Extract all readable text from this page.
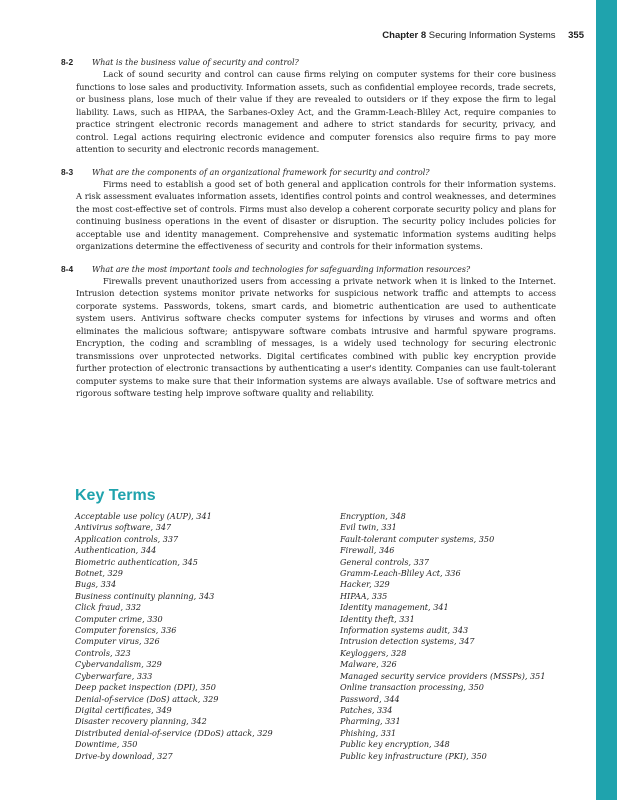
Chapter 8 Securing Information Systems 355
8-2	What is the business value of security and control?

Lack of sound security and control can cause firms relying on computer systems for their core business functions to lose sales and productivity. Information assets, such as confidential employee records, trade secrets, or business plans, lose much of their value if they are revealed to outsiders or if they expose the firm to legal liability. Laws, such as HIPAA, the Sarbanes-Oxley Act, and the Gramm-Leach-Bliley Act, require companies to practice stringent electronic records management and adhere to strict standards for security, privacy, and control. Legal actions requiring electronic evidence and computer forensics also require firms to pay more attention to security and electronic records management.

8-3	What are the components of an organizational framework for security and control?

Firms need to establish a good set of both general and application controls for their information systems. A risk assessment evaluates information assets, identifies control points and control weaknesses, and determines the most cost-effective set of controls. Firms must also develop a coherent corporate security policy and plans for continuing business operations in the event of disaster or disruption. The security policy includes policies for acceptable use and identity management. Comprehensive and systematic information systems auditing helps organizations determine the effectiveness of security and controls for their information systems.

8-4	What are the most important tools and technologies for safeguarding information resources?

Firewalls prevent unauthorized users from accessing a private network when it is linked to the Internet. Intrusion detection systems monitor private networks for suspicious network traffic and attempts to access corporate systems. Passwords, tokens, smart cards, and biometric authentication are used to authenticate system users. Antivirus software checks computer systems for infections by viruses and worms and often eliminates the malicious software; antispyware software combats intrusive and harmful spyware programs. Encryption, the coding and scrambling of messages, is a widely used technology for securing electronic transmissions over unprotected networks. Digital certificates combined with public key encryption provide further protection of electronic transactions by authenticating a user's identity. Companies can use fault-tolerant computer systems to make sure that their information systems are always available. Use of software metrics and rigorous software testing help improve software quality and reliability.

Key Terms
Acceptable use policy (AUP), 341
Antivirus software, 347
Application controls, 337
Authentication, 344
Biometric authentication, 345
Botnet, 329
Bugs, 334
Business continuity planning, 343
Click fraud, 332
Computer crime, 330
Computer forensics, 336
Computer virus, 326
Controls, 323
Cybervandalism, 329
Cyberwarfare, 333
Deep packet inspection (DPI), 350
Denial-of-service (DoS) attack, 329
Digital certificates, 349
Disaster recovery planning, 342
Distributed denial-of-service (DDoS) attack, 329
Downtime, 350
Drive-by download, 327
Encryption, 348
Evil twin, 331
Fault-tolerant computer systems, 350
Firewall, 346
General controls, 337
Gramm-Leach-Bliley Act, 336
Hacker, 329
HIPAA, 335
Identity management, 341
Identity theft, 331
Information systems audit, 343
Intrusion detection systems, 347
Keyloggers, 328
Malware, 326
Managed security service providers (MSSPs), 351
Online transaction processing, 350
Password, 344
Patches, 334
Pharming, 331
Phishing, 331
Public key encryption, 348
Public key infrastructure (PKI), 350
